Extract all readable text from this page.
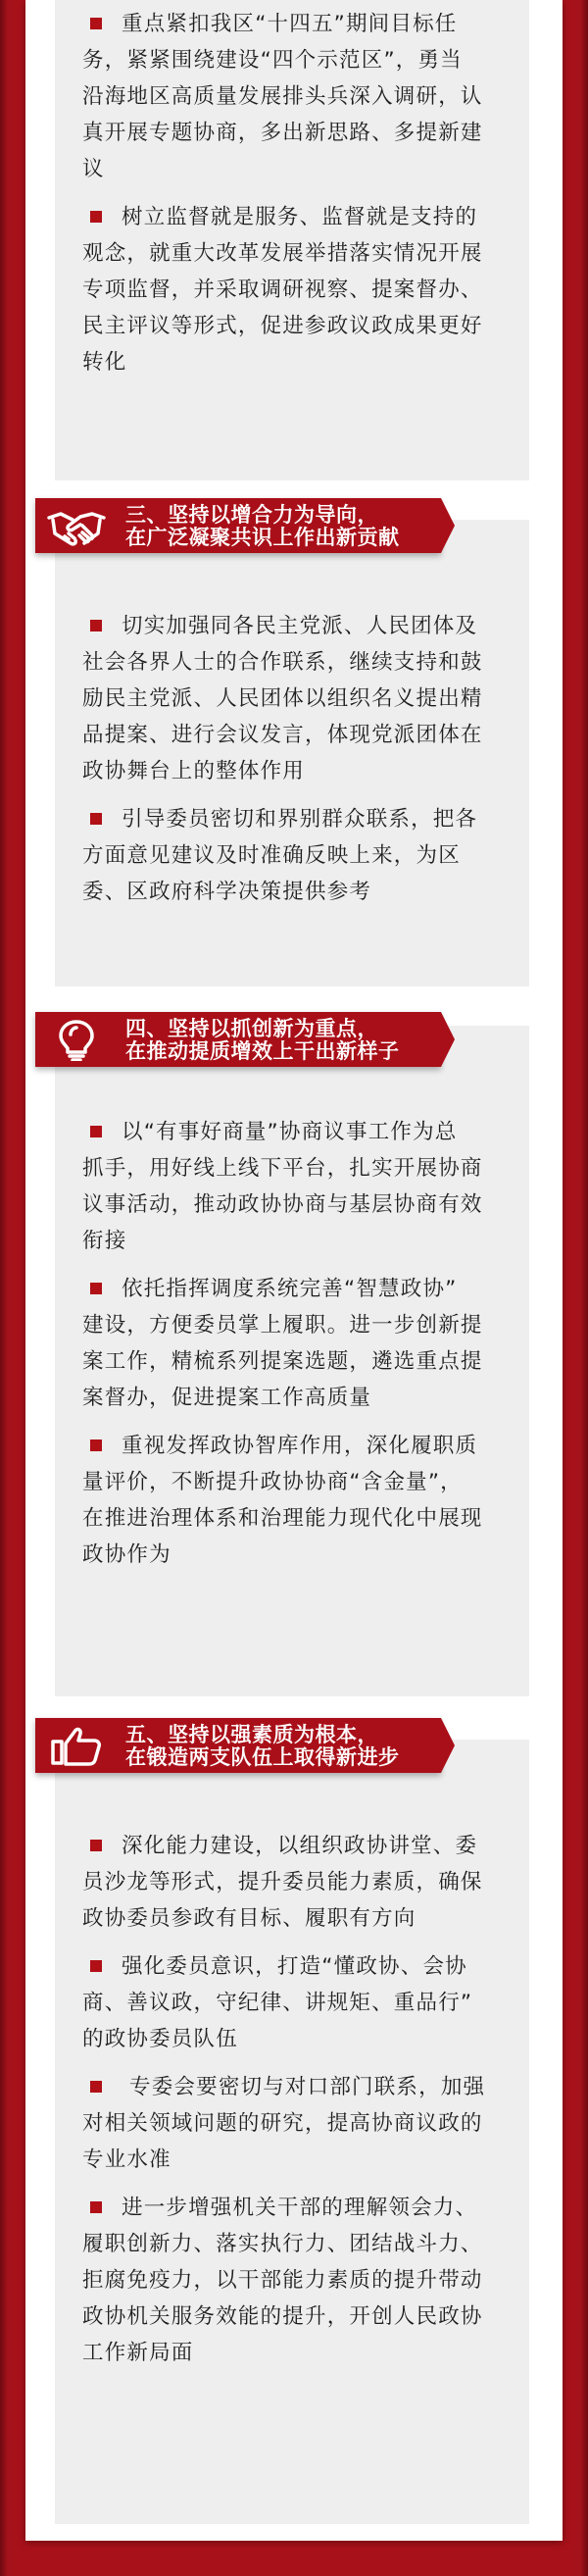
重点紧扣我区“十四五”期间目标任
务，紧紧围绕建设“四个示范区”，勇当
沿海地区高质量发展排头兵深入调研，认
真开展专题协商，多出新思路、多提新建
议
树立监督就是服务、监督就是支持的
观念，就重大改革发展举措落实情况开展
专项监督，并采取调研视察、提案督办、
民主评议等形式，促进参政议政成果更好
转化
切实加强同各民主党派、人民团体及
社会各界人士的合作联系，继续支持和鼓
励民主党派、人民团体以组织名义提出精
品提案、进行会议发言，体现党派团体在
政协舞台上的整体作用
引导委员密切和界别群众联系，把各
方面意见建议及时准确反映上来，为区
委、区政府科学决策提供参考
三、坚持以增合力为导向，
在广泛凝聚共识上作出新贡献
以“有事好商量”协商议事工作为总
抓手，用好线上线下平台，扎实开展协商
议事活动，推动政协协商与基层协商有效
衔接
依托指挥调度系统完善“智慧政协”
建设，方便委员掌上履职。进一步创新提
案工作，精梳系列提案选题，遴选重点提
案督办，促进提案工作高质量
重视发挥政协智库作用，深化履职质
量评价，不断提升政协协商“含金量”，
在推进治理体系和治理能力现代化中展现
政协作为
四、坚持以抓创新为重点，
在推动提质增效上干出新样子
深化能力建设，以组织政协讲堂、委
员沙龙等形式，提升委员能力素质，确保
政协委员参政有目标、履职有方向
强化委员意识，打造“懂政协、会协
商、善议政，守纪律、讲规矩、重品行”
的政协委员队伍
专委会要密切与对口部门联系，加强
对相关领域问题的研究，提高协商议政的
专业水准
进一步增强机关干部的理解领会力、
履职创新力、落实执行力、团结战斗力、
拒腐免疫力，以干部能力素质的提升带动
政协机关服务效能的提升，开创人民政协
工作新局面
五、坚持以强素质为根本，
在锻造两支队伍上取得新进步
